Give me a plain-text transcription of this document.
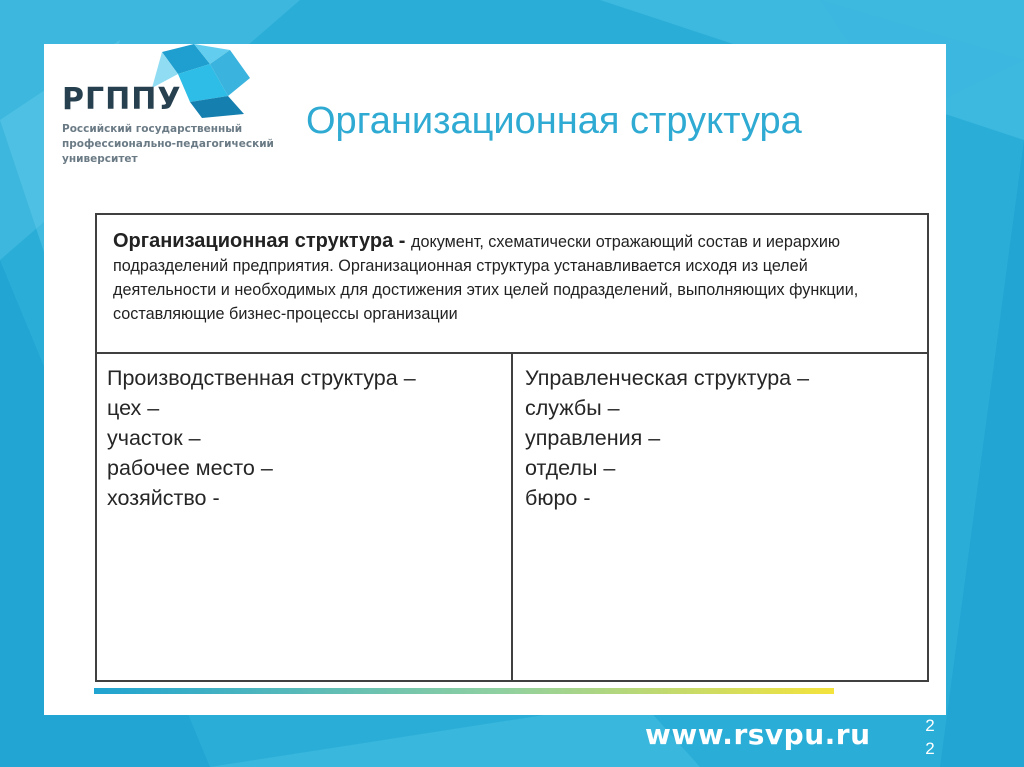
РГППУ
Российский государственный
профессионально-педагогический
университет
Организационная структура
Организационная структура - документ, схематически отражающий состав и иерархию подразделений предприятия. Организационная структура устанавливается исходя из целей деятельности и необходимых для достижения этих целей подразделений, выполняющих функции, составляющие бизнес-процессы организации
Производственная структура –
цех –
участок –
рабочее место –
хозяйство -
Управленческая структура –
службы –
управления –
отделы –
бюро -
www.rsvpu.ru	2
2
